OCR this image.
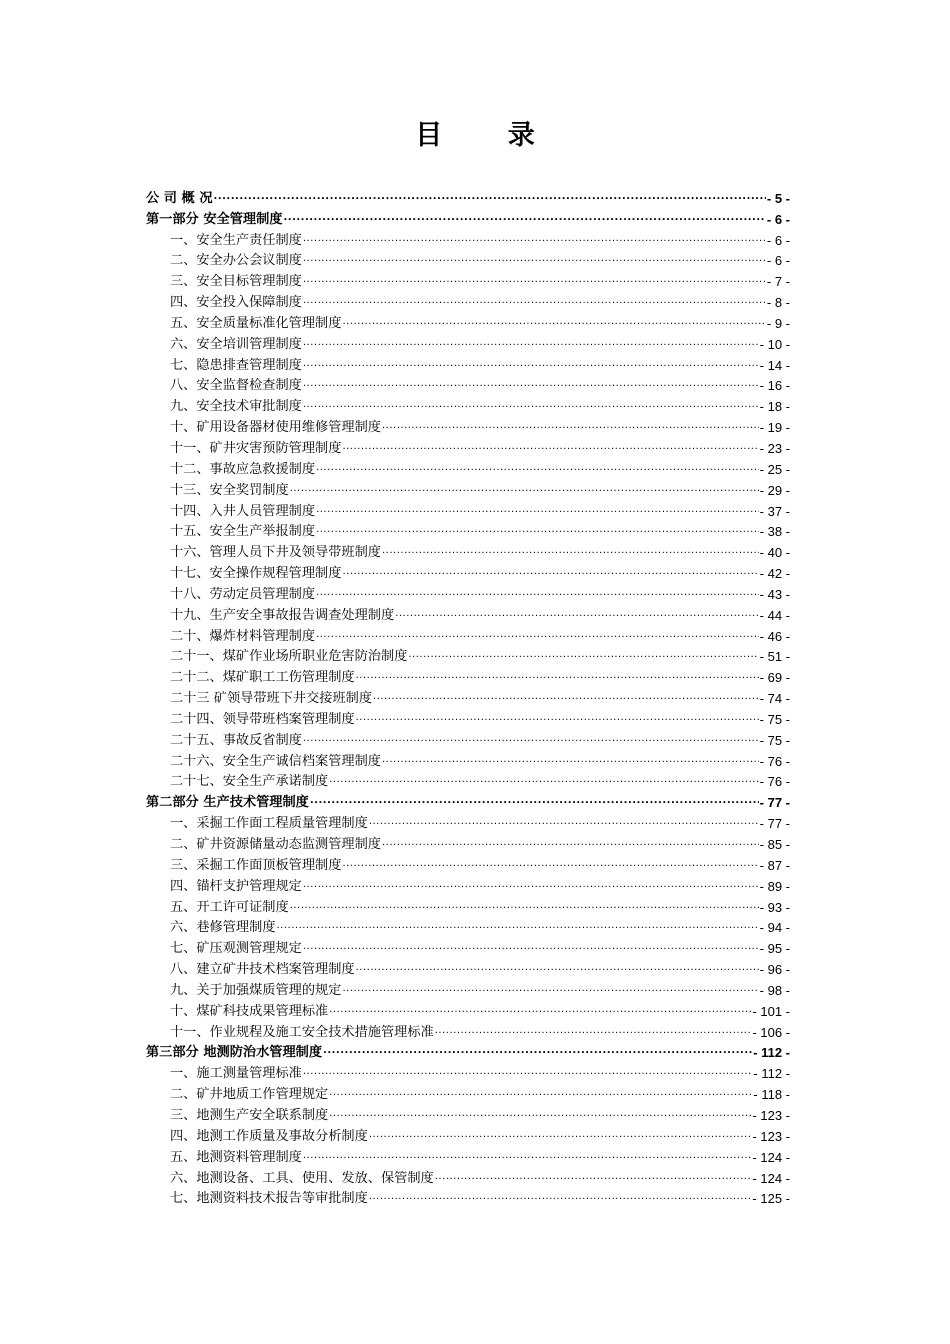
目 录
公 司 概 况 .....	- 5 -
第一部分 安全管理制度 .....	- 6 -
一、安全生产责任制度 .....	- 6 -
二、安全办公会议制度 .....	- 6 -
三、安全目标管理制度 .....	- 7 -
四、安全投入保障制度 .....	- 8 -
五、安全质量标准化管理制度 .....	- 9 -
六、安全培训管理制度 .....	- 10 -
七、隐患排查管理制度 .....	- 14 -
八、安全监督检查制度 .....	- 16 -
九、安全技术审批制度 .....	- 18 -
十、矿用设备器材使用维修管理制度 .....	- 19 -
十一、矿井灾害预防管理制度 .....	- 23 -
十二、事故应急救援制度 .....	- 25 -
十三、安全奖罚制度 .....	- 29 -
十四、入井人员管理制度 .....	- 37 -
十五、安全生产举报制度 .....	- 38 -
十六、管理人员下井及领导带班制度 .....	- 40 -
十七、安全操作规程管理制度 .....	- 42 -
十八、劳动定员管理制度 .....	- 43 -
十九、生产安全事故报告调查处理制度 .....	- 44 -
二十、爆炸材料管理制度 .....	- 46 -
二十一、煤矿作业场所职业危害防治制度 .....	- 51 -
二十二、煤矿职工工伤管理制度 .....	- 69 -
二十三 矿领导带班下井交接班制度 .....	- 74 -
二十四、领导带班档案管理制度 .....	- 75 -
二十五、事故反省制度 .....	- 75 -
二十六、安全生产诚信档案管理制度 .....	- 76 -
二十七、安全生产承诺制度 .....	- 76 -
第二部分 生产技术管理制度 .....	- 77 -
一、采掘工作面工程质量管理制度 .....	- 77 -
二、矿井资源储量动态监测管理制度 .....	- 85 -
三、采掘工作面顶板管理制度 .....	- 87 -
四、锚杆支护管理规定 .....	- 89 -
五、开工许可证制度 .....	- 93 -
六、巷修管理制度 .....	- 94 -
七、矿压观测管理规定 .....	- 95 -
八、建立矿井技术档案管理制度 .....	- 96 -
九、关于加强煤质管理的规定 .....	- 98 -
十、煤矿科技成果管理标准 .....	- 101 -
十一、作业规程及施工安全技术措施管理标准 .....	- 106 -
第三部分 地测防治水管理制度 .....	- 112 -
一、施工测量管理标准 .....	- 112 -
二、矿井地质工作管理规定 .....	- 118 -
三、地测生产安全联系制度 .....	- 123 -
四、地测工作质量及事故分析制度 .....	- 123 -
五、地测资料管理制度 .....	- 124 -
六、地测设备、工具、使用、发放、保管制度 .....	- 124 -
七、地测资料技术报告等审批制度 .....	- 125 -
